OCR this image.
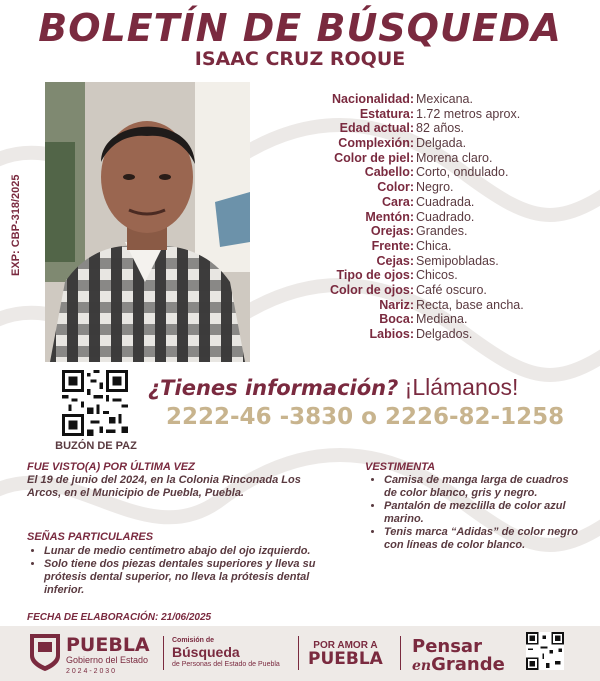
BOLETÍN DE BÚSQUEDA
ISAAC CRUZ ROQUE
EXP: CBP-318/2025
Nacionalidad: Mexicana.
Estatura: 1.72 metros aprox.
Edad actual: 82 años.
Complexión: Delgada.
Color de piel: Morena claro.
Cabello: Corto, ondulado.
Color: Negro.
Cara: Cuadrada.
Mentón: Cuadrado.
Orejas: Grandes.
Frente: Chica.
Cejas: Semipobladas.
Tipo de ojos: Chicos.
Color de ojos: Café oscuro.
Nariz: Recta, base ancha.
Boca: Mediana.
Labios: Delgados.
BUZÓN DE PAZ
¿Tienes información? ¡Llámanos!
2222-46 -3830 o 2226-82-1258
FUE VISTO(A) POR ÚLTIMA VEZ
El 19 de junio del 2024, en la Colonia Rinconada Los Arcos, en el Municipio de Puebla, Puebla.
VESTIMENTA
• Camisa de manga larga de cuadros de color blanco, gris y negro.
• Pantalón de mezclilla de color azul marino.
• Tenis marca “Adidas” de color negro con líneas de color blanco.
SEÑAS PARTICULARES
• Lunar de medio centímetro abajo del ojo izquierdo.
• Solo tiene dos piezas dentales superiores y lleva su prótesis dental superior, no lleva la prótesis dental inferior.
FECHA DE ELABORACIÓN: 21/06/2025
PUEBLA
Gobierno del Estado
2 0 2 4 - 2 0 3 0
Comisión de
Búsqueda
de Personas del Estado de Puebla
POR AMOR A
PUEBLA
Pensar
enGrande
